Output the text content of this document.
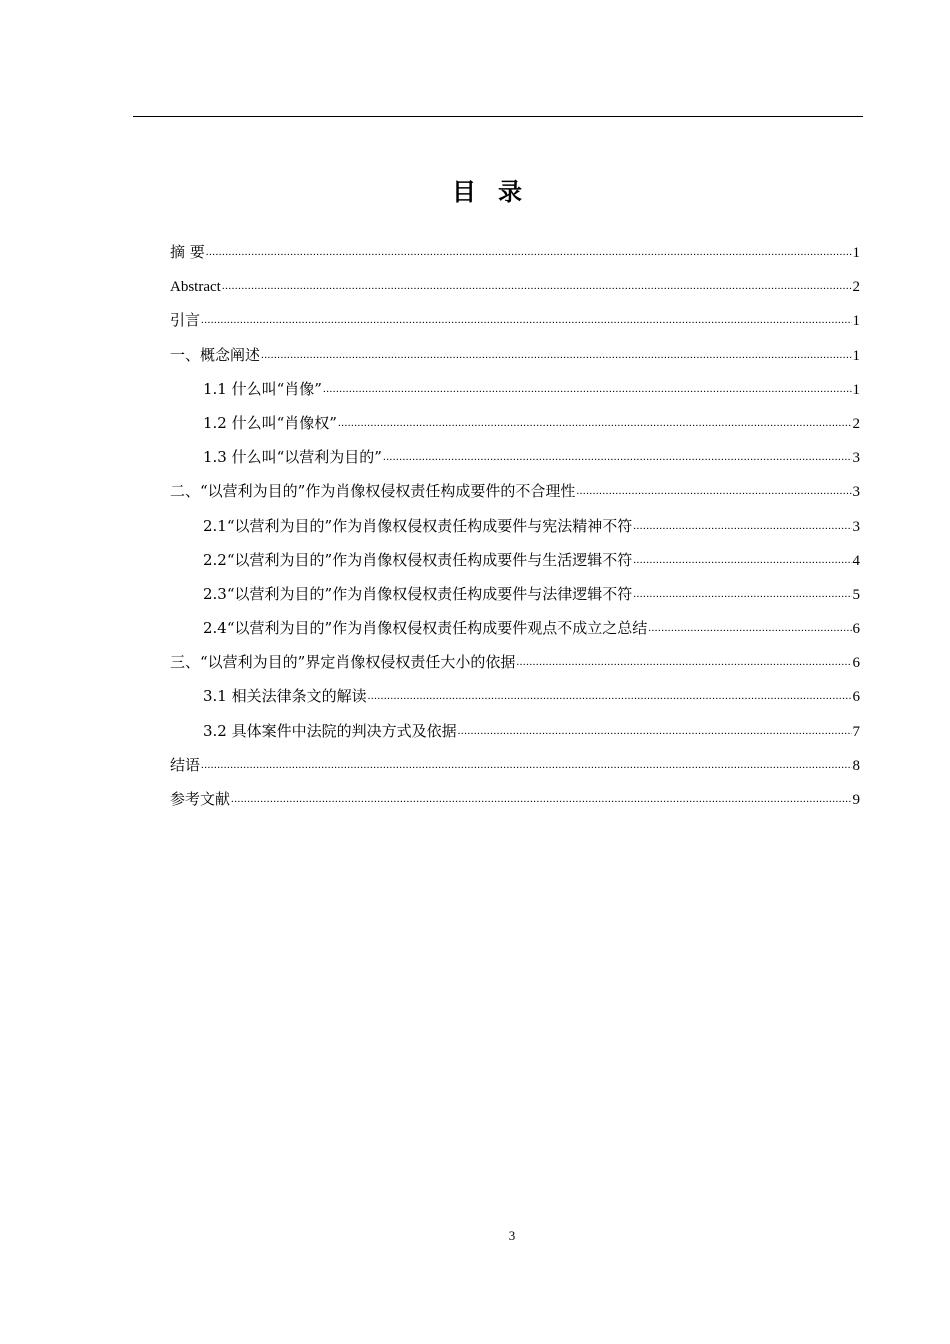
目录
摘 要 .....	1
Abstract .....	2
引言 .....	1
一、概念阐述 .....	1
1.1 什么叫“肖像” .....	1
1.2 什么叫“肖像权” .....	2
1.3 什么叫“以营利为目的” .....	3
二、“以营利为目的”作为肖像权侵权责任构成要件的不合理性 .....	3
2.1“以营利为目的”作为肖像权侵权责任构成要件与宪法精神不符 .....	3
2.2“以营利为目的”作为肖像权侵权责任构成要件与生活逻辑不符 .....	4
2.3“以营利为目的”作为肖像权侵权责任构成要件与法律逻辑不符 .....	5
2.4“以营利为目的”作为肖像权侵权责任构成要件观点不成立之总结 .....	6
三、“以营利为目的”界定肖像权侵权责任大小的依据 .....	6
3.1 相关法律条文的解读 .....	6
3.2 具体案件中法院的判决方式及依据 .....	7
结语 .....	8
参考文献 .....	9
3
